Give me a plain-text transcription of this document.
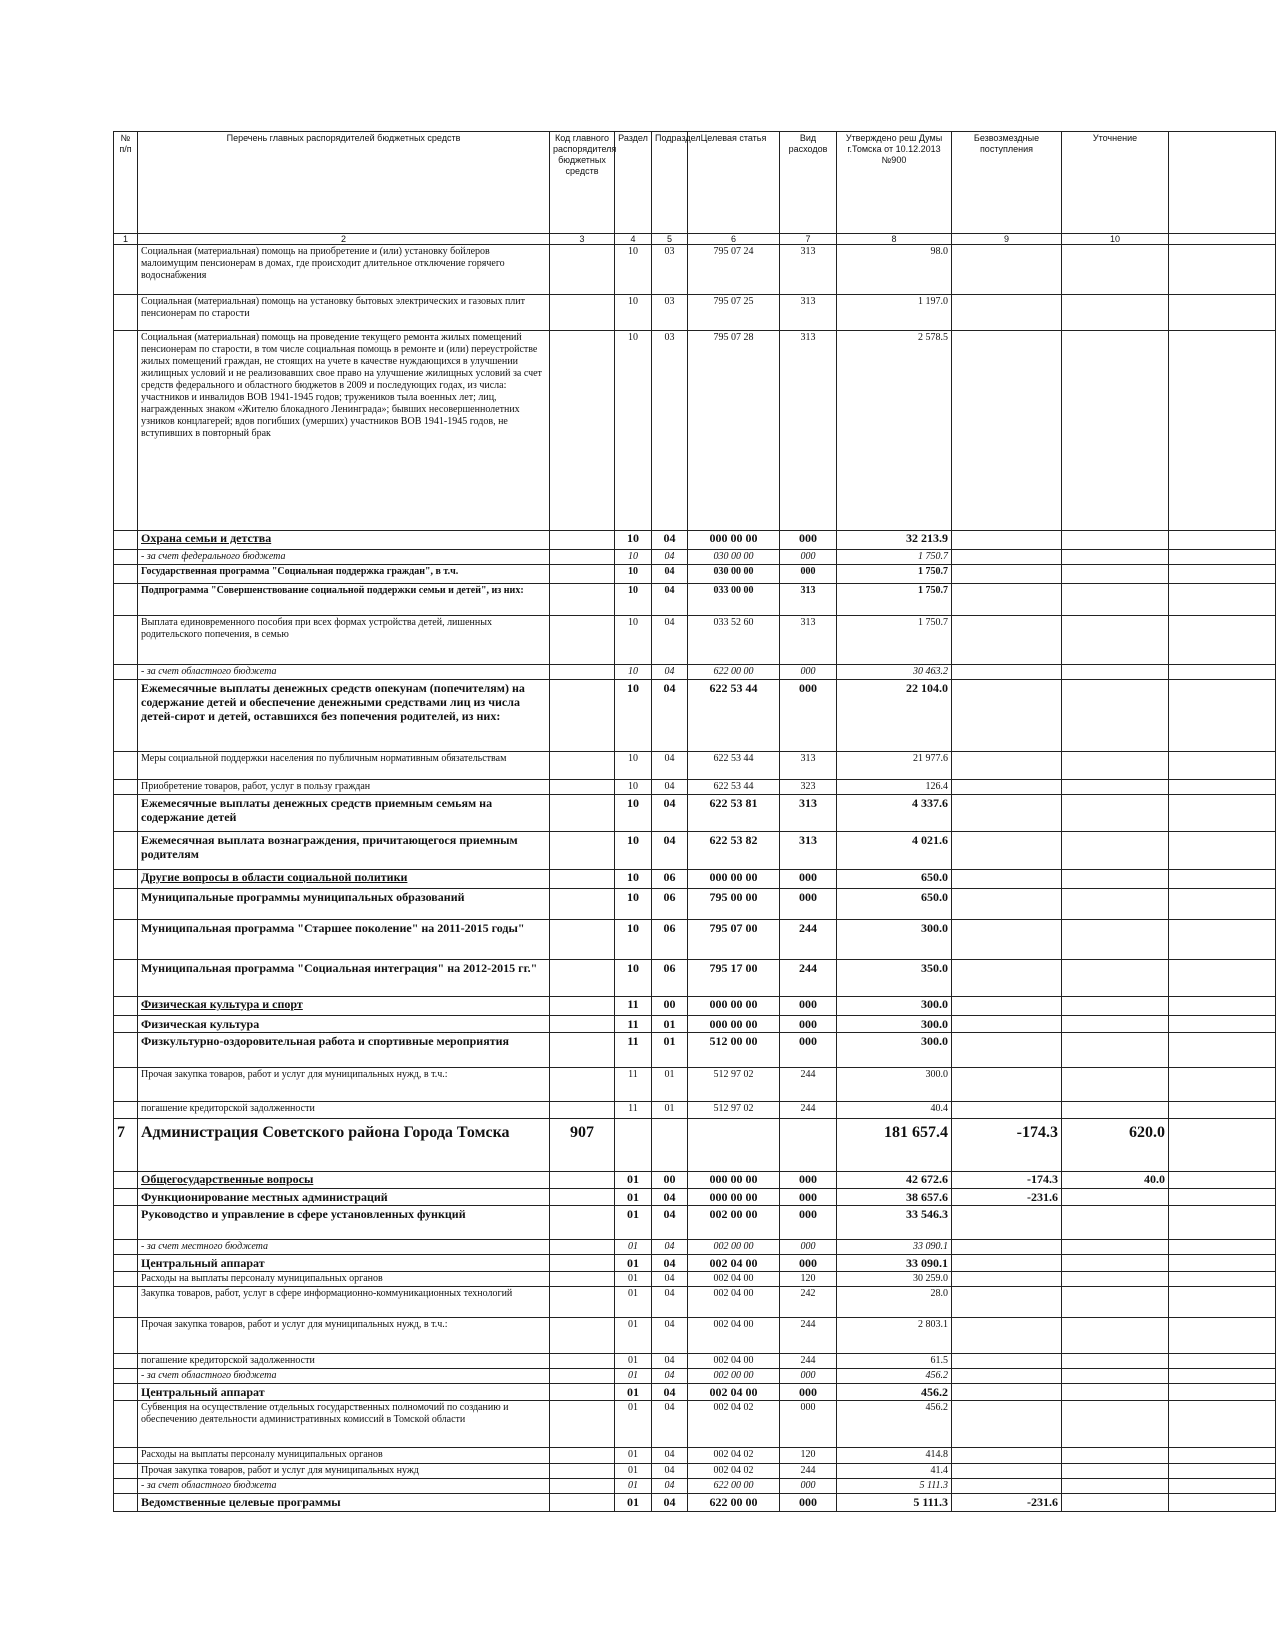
№ п/п	Перечень главных распорядителей бюджетных средств	Код главного распорядителя бюджетных средств	Раздел	Подраздел	Целевая статья	Вид расходов	Утверждено реш Думы г.Томска от 10.12.2013 №900	Безвозмездные поступления	Уточнение	
1	2	3	4	5	6	7	8	9	10	
	Социальная (материальная) помощь на приобретение и (или) установку бойлеров малоимущим пенсионерам в домах, где происходит длительное отключение горячего водоснабжения		10	03	795 07 24	313	98.0			
	Социальная (материальная) помощь на установку бытовых электрических и газовых плит пенсионерам по старости		10	03	795 07 25	313	1 197.0			
	Социальная (материальная) помощь на проведение текущего ремонта жилых помещений пенсионерам по старости, в том числе социальная помощь в ремонте и (или) переустройстве жилых помещений граждан, не стоящих на учете в качестве нуждающихся в улучшении жилищных условий и не реализовавших свое право на улучшение жилищных условий за счет средств федерального и областного бюджетов в 2009 и последующих годах, из числа: участников и инвалидов ВОВ 1941-1945 годов; тружеников тыла военных лет; лиц, награжденных знаком «Жителю блокадного Ленинграда»; бывших несовершеннолетних узников концлагерей; вдов погибших (умерших) участников ВОВ 1941-1945 годов, не вступивших в повторный брак		10	03	795 07 28	313	2 578.5			
	Охрана семьи и детства		10	04	000 00 00	000	32 213.9			
	- за счет федерального бюджета		10	04	030 00 00	000	1 750.7			
	Государственная программа "Социальная поддержка граждан", в т.ч.		10	04	030 00 00	000	1 750.7			
	Подпрограмма "Совершенствование социальной поддержки семьи и детей", из них:		10	04	033 00 00	313	1 750.7			
	Выплата единовременного пособия при всех формах устройства детей, лишенных родительского попечения, в семью		10	04	033 52 60	313	1 750.7			
	- за счет областного бюджета		10	04	622 00 00	000	30 463.2			
	Ежемесячные выплаты денежных средств опекунам (попечителям) на содержание детей и обеспечение денежными средствами лиц из числа детей-сирот и детей, оставшихся без попечения родителей, из них:		10	04	622 53 44	000	22 104.0			
	Меры социальной поддержки населения по публичным нормативным обязательствам		10	04	622 53 44	313	21 977.6			
	Приобретение товаров, работ, услуг в пользу граждан		10	04	622 53 44	323	126.4			
	Ежемесячные выплаты денежных средств приемным семьям на содержание детей		10	04	622 53 81	313	4 337.6			
	Ежемесячная выплата вознаграждения, причитающегося приемным родителям		10	04	622 53 82	313	4 021.6			
	Другие вопросы в области социальной политики		10	06	000 00 00	000	650.0			
	Муниципальные программы муниципальных образований		10	06	795 00 00	000	650.0			
	Муниципальная программа "Старшее поколение" на 2011-2015 годы"		10	06	795 07 00	244	300.0			
	Муниципальная программа "Социальная интеграция" на 2012-2015 гг."		10	06	795 17 00	244	350.0			
	Физическая культура и спорт		11	00	000 00 00	000	300.0			
	Физическая культура		11	01	000 00 00	000	300.0			
	Физкультурно-оздоровительная работа и спортивные мероприятия		11	01	512 00 00	000	300.0			
	Прочая закупка товаров, работ и услуг для муниципальных нужд, в т.ч.:		11	01	512 97 02	244	300.0			
	погашение кредиторской задолженности		11	01	512 97 02	244	40.4			
7	Администрация Советского района Города Томска	907					181 657.4	-174.3	620.0	
	Общегосударственные вопросы		01	00	000 00 00	000	42 672.6	-174.3	40.0	
	Функционирование местных администраций		01	04	000 00 00	000	38 657.6	-231.6		
	Руководство и управление в сфере установленных функций		01	04	002 00 00	000	33 546.3			
	- за счет местного бюджета		01	04	002 00 00	000	33 090.1			
	Центральный аппарат		01	04	002 04 00	000	33 090.1			
	Расходы на выплаты персоналу муниципальных органов		01	04	002 04 00	120	30 259.0			
	Закупка товаров, работ, услуг в сфере информационно-коммуникационных технологий		01	04	002 04 00	242	28.0			
	Прочая закупка товаров, работ и услуг для муниципальных нужд, в т.ч.:		01	04	002 04 00	244	2 803.1			
	погашение кредиторской задолженности		01	04	002 04 00	244	61.5			
	- за счет областного бюджета		01	04	002 00 00	000	456.2			
	Центральный аппарат		01	04	002 04 00	000	456.2			
	Субвенция на осуществление отдельных государственных полномочий по созданию и обеспечению деятельности административных комиссий в Томской области		01	04	002 04 02	000	456.2			
	Расходы на выплаты персоналу муниципальных органов		01	04	002 04 02	120	414.8			
	Прочая закупка товаров, работ и услуг для муниципальных нужд		01	04	002 04 02	244	41.4			
	- за счет областного бюджета		01	04	622 00 00	000	5 111.3			
	Ведомственные целевые программы		01	04	622 00 00	000	5 111.3	-231.6		
